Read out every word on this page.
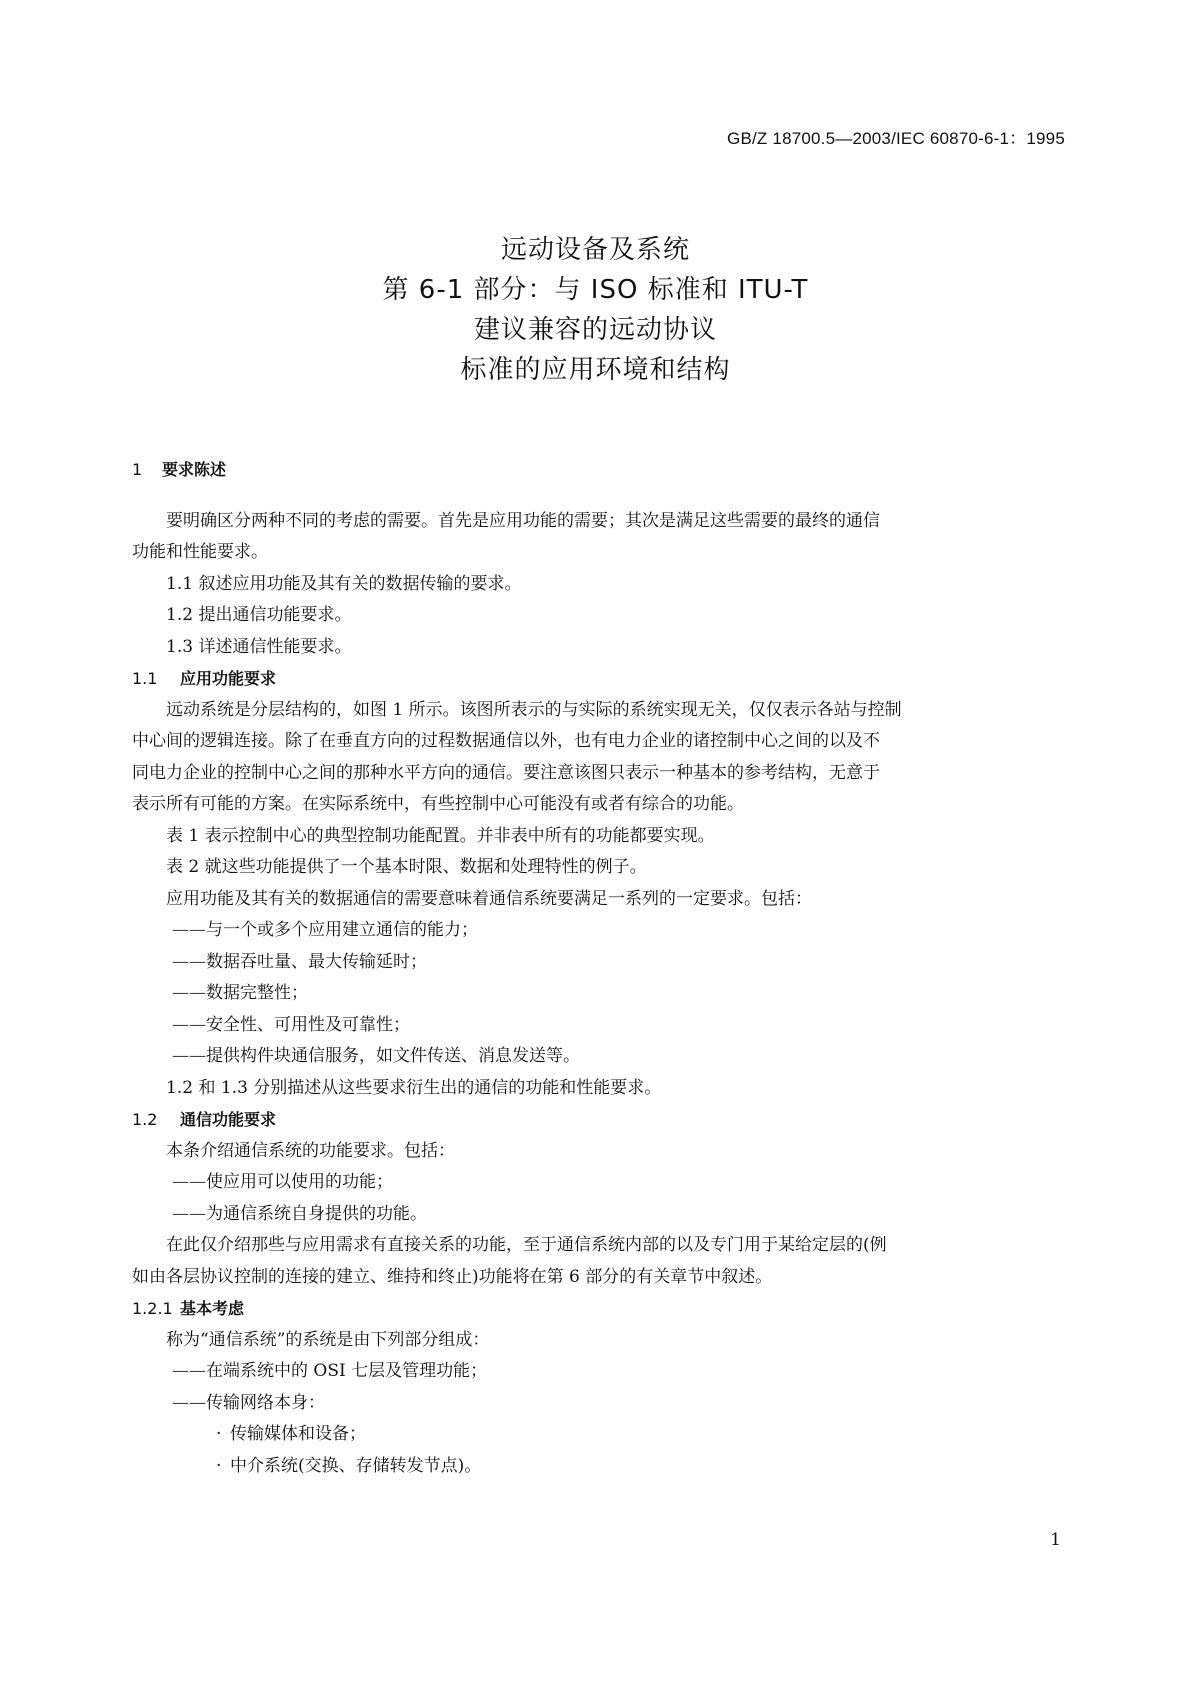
GB/Z 18700.5—2003/IEC 60870-6-1：1995
远动设备及系统
第 6-1 部分：与 ISO 标准和 ITU-T
建议兼容的远动协议
标准的应用环境和结构
1 要求陈述
要明确区分两种不同的考虑的需要。首先是应用功能的需要；其次是满足这些需要的最终的通信
功能和性能要求。
1.1 叙述应用功能及其有关的数据传输的要求。
1.2 提出通信功能要求。
1.3 详述通信性能要求。
1.1 应用功能要求
远动系统是分层结构的，如图 1 所示。该图所表示的与实际的系统实现无关，仅仅表示各站与控制
中心间的逻辑连接。除了在垂直方向的过程数据通信以外，也有电力企业的诸控制中心之间的以及不
同电力企业的控制中心之间的那种水平方向的通信。要注意该图只表示一种基本的参考结构，无意于
表示所有可能的方案。在实际系统中，有些控制中心可能没有或者有综合的功能。
表 1 表示控制中心的典型控制功能配置。并非表中所有的功能都要实现。
表 2 就这些功能提供了一个基本时限、数据和处理特性的例子。
应用功能及其有关的数据通信的需要意味着通信系统要满足一系列的一定要求。包括：
—— 与一个或多个应用建立通信的能力；
—— 数据吞吐量、最大传输延时；
—— 数据完整性；
—— 安全性、可用性及可靠性；
—— 提供构件块通信服务，如文件传送、消息发送等。
1.2 和 1.3 分别描述从这些要求衍生出的通信的功能和性能要求。
1.2 通信功能要求
本条介绍通信系统的功能要求。包括：
—— 使应用可以使用的功能；
—— 为通信系统自身提供的功能。
在此仅介绍那些与应用需求有直接关系的功能，至于通信系统内部的以及专门用于某给定层的(例
如由各层协议控制的连接的建立、维持和终止)功能将在第 6 部分的有关章节中叙述。
1.2.1 基本考虑
称为“通信系统”的系统是由下列部分组成：
—— 在端系统中的 OSI 七层及管理功能；
—— 传输网络本身：
· 传输媒体和设备；
· 中介系统(交换、存储转发节点)。
1
